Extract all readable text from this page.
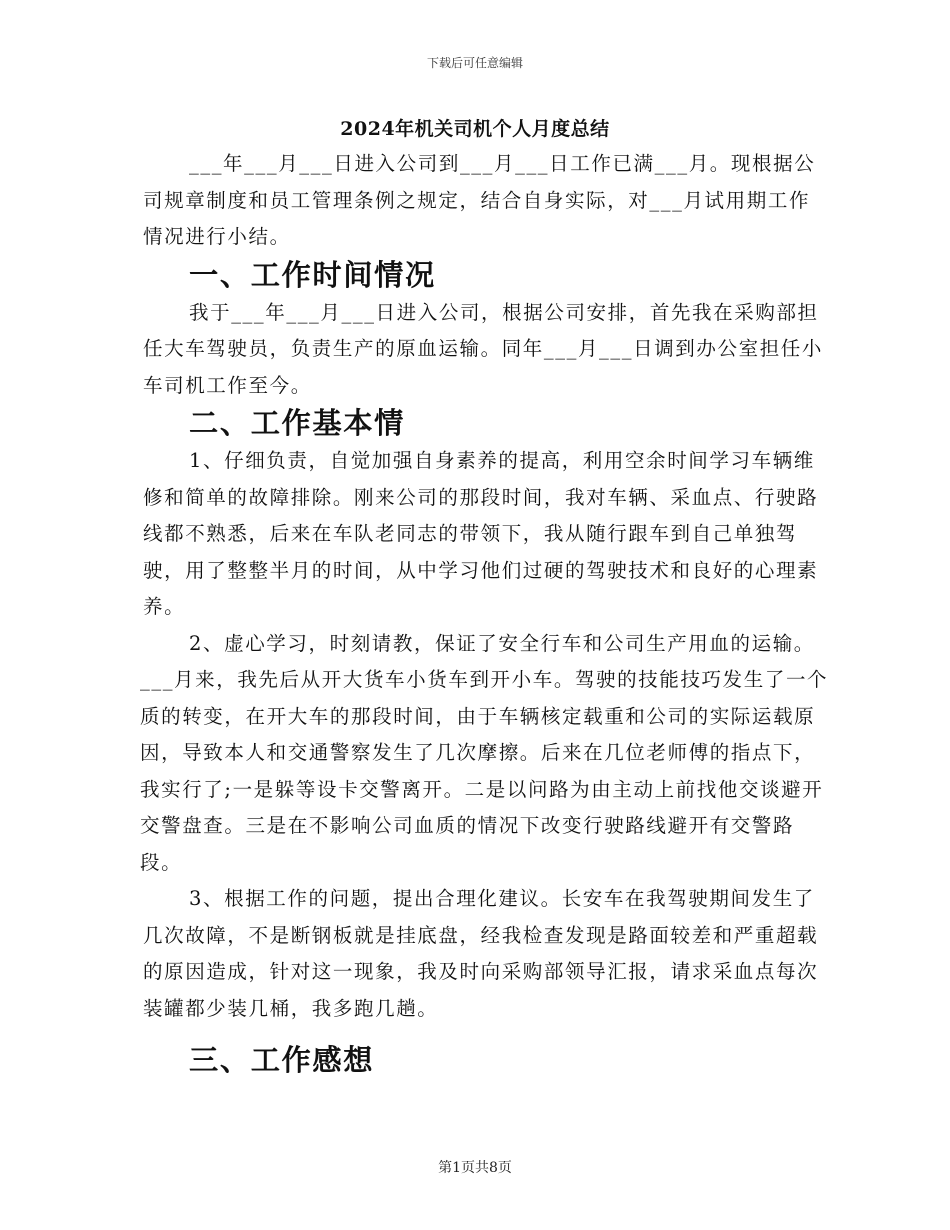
下载后可任意编辑
2024年机关司机个人月度总结

___年___月___日进入公司到___月___日工作已满___月。现根据公司规章制度和员工管理条例之规定，结合自身实际，对___月试用期工作情况进行小结。

一、工作时间情况

我于___年___月___日进入公司，根据公司安排，首先我在采购部担任大车驾驶员，负责生产的原血运输。同年___月___日调到办公室担任小车司机工作至今。

二、工作基本情

1、仔细负责，自觉加强自身素养的提高，利用空余时间学习车辆维修和简单的故障排除。刚来公司的那段时间，我对车辆、采血点、行驶路线都不熟悉，后来在车队老同志的带领下，我从随行跟车到自己单独驾驶，用了整整半月的时间，从中学习他们过硬的驾驶技术和良好的心理素养。

2、虚心学习，时刻请教，保证了安全行车和公司生产用血的运输。

___月来，我先后从开大货车小货车到开小车。驾驶的技能技巧发生了一个质的转变，在开大车的那段时间，由于车辆核定载重和公司的实际运载原因，导致本人和交通警察发生了几次摩擦。后来在几位老师傅的指点下，我实行了;一是躲等设卡交警离开。二是以问路为由主动上前找他交谈避开交警盘查。三是在不影响公司血质的情况下改变行驶路线避开有交警路段。

3、根据工作的问题，提出合理化建议。长安车在我驾驶期间发生了几次故障，不是断钢板就是挂底盘，经我检查发现是路面较差和严重超载的原因造成，针对这一现象，我及时向采购部领导汇报，请求采血点每次装罐都少装几桶，我多跑几趟。

三、工作感想
第1页共8页
